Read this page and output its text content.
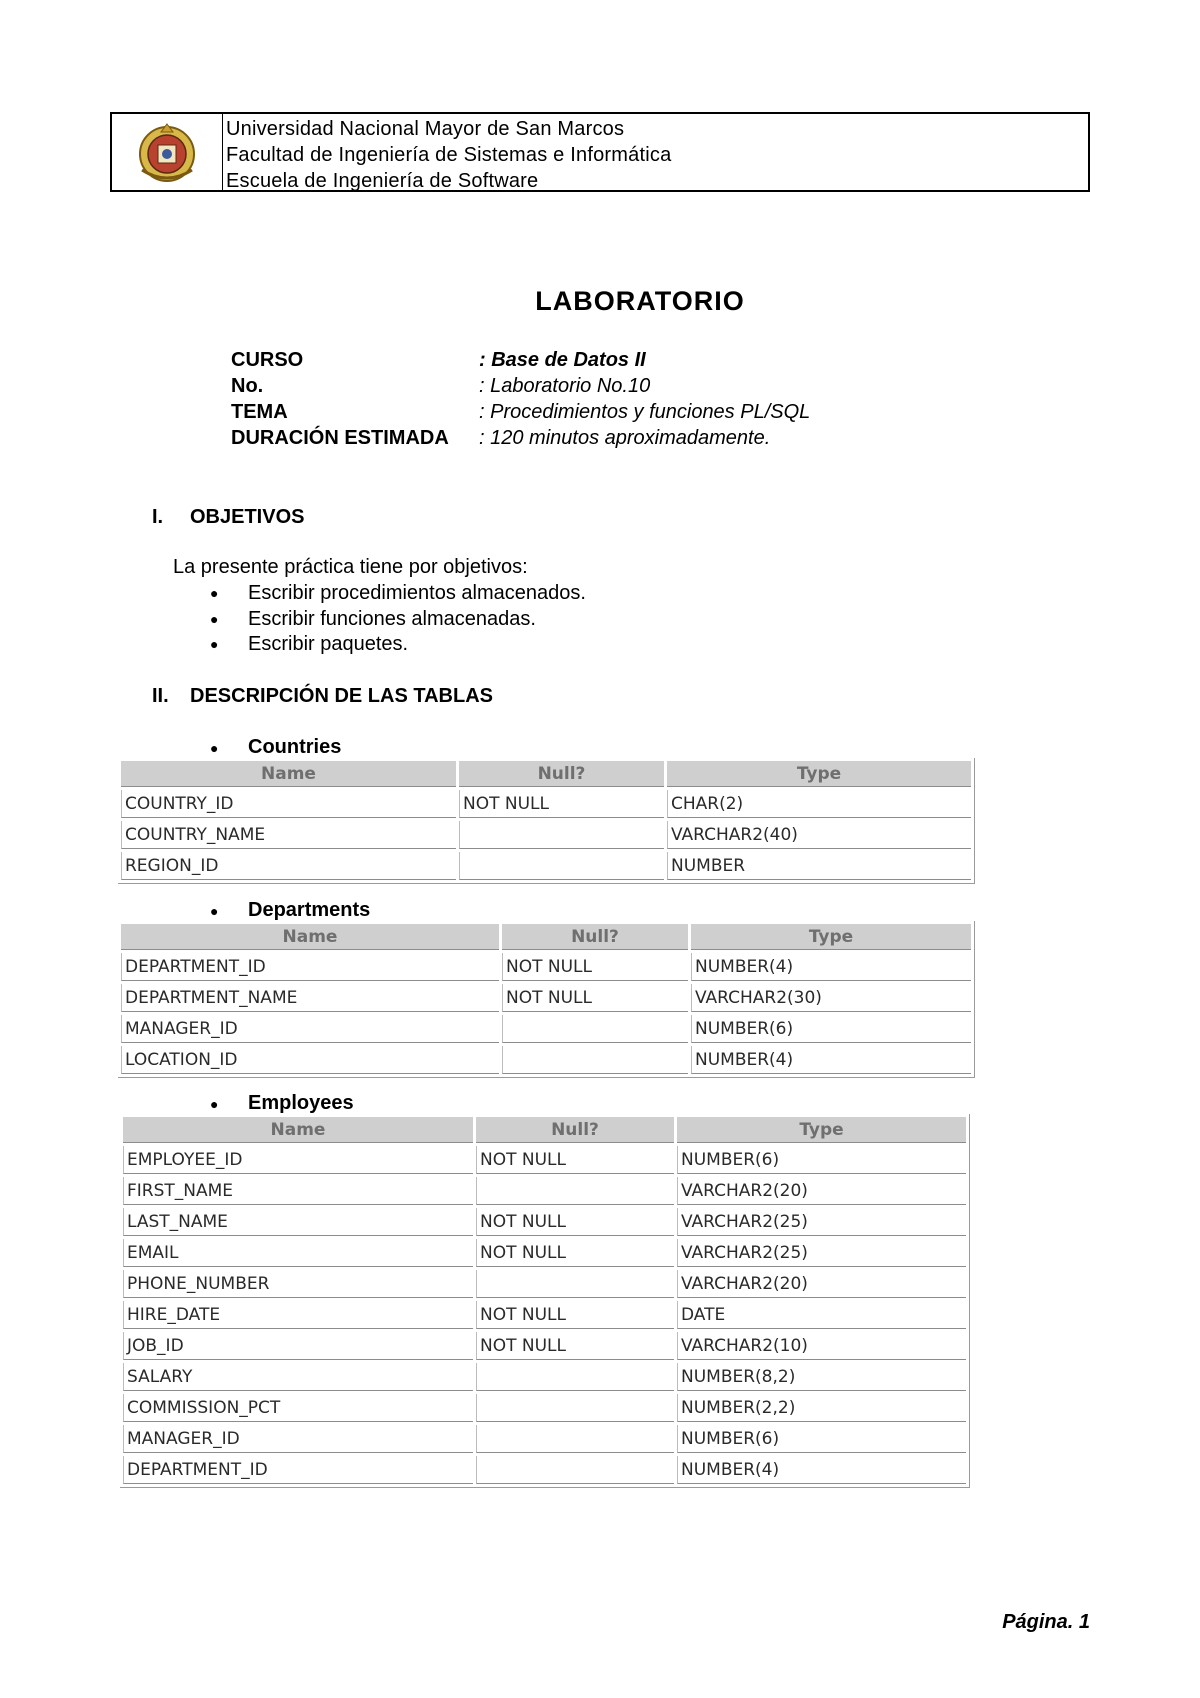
Universidad Nacional Mayor de San Marcos
Facultad de Ingeniería de Sistemas e Informática
Escuela de Ingeniería de Software
LABORATORIO
CURSO	: Base de Datos II
No.	: Laboratorio No.10
TEMA	: Procedimientos y funciones PL/SQL
DURACIÓN ESTIMADA	: 120 minutos aproximadamente.
I. OBJETIVOS
La presente práctica tiene por objetivos:
●	Escribir procedimientos almacenados.
●	Escribir funciones almacenadas.
●	Escribir paquetes.
II. DESCRIPCIÓN DE LAS TABLAS
●	Countries
Name	Null?	Type
COUNTRY_ID	NOT NULL	CHAR(2)
COUNTRY_NAME		VARCHAR2(40)
REGION_ID		NUMBER
●	Departments
Name	Null?	Type
DEPARTMENT_ID	NOT NULL	NUMBER(4)
DEPARTMENT_NAME	NOT NULL	VARCHAR2(30)
MANAGER_ID		NUMBER(6)
LOCATION_ID		NUMBER(4)
●	Employees
Name	Null?	Type
EMPLOYEE_ID	NOT NULL	NUMBER(6)
FIRST_NAME		VARCHAR2(20)
LAST_NAME	NOT NULL	VARCHAR2(25)
EMAIL	NOT NULL	VARCHAR2(25)
PHONE_NUMBER		VARCHAR2(20)
HIRE_DATE	NOT NULL	DATE
JOB_ID	NOT NULL	VARCHAR2(10)
SALARY		NUMBER(8,2)
COMMISSION_PCT		NUMBER(2,2)
MANAGER_ID		NUMBER(6)
DEPARTMENT_ID		NUMBER(4)
Página. 1
